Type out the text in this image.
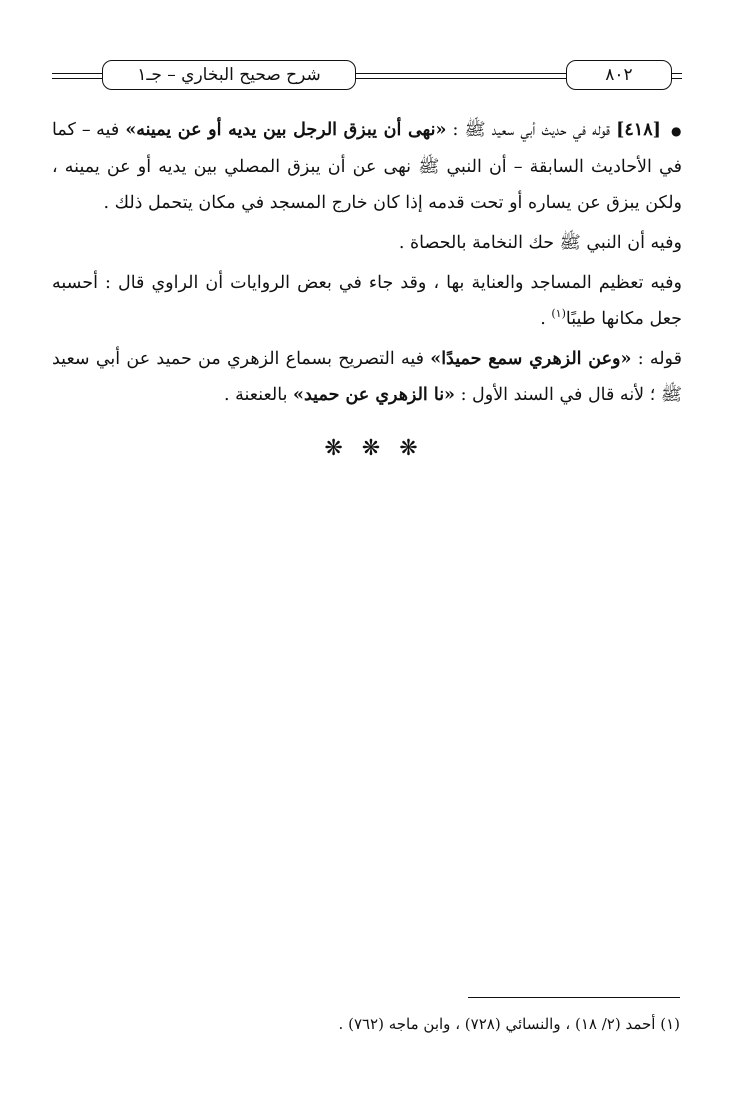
شرح صحيح البخاري – جـ١	٨٠٢

● [٤١٨] قوله في حديث أبي سعيد ﷺ : «نهى أن يبزق الرجل بين يديه أو عن يمينه» فيه – كما في الأحاديث السابقة – أن النبي ﷺ نهى عن أن يبزق المصلي بين يديه أو عن يمينه ، ولكن يبزق عن يساره أو تحت قدمه إذا كان خارج المسجد في مكان يتحمل ذلك .

وفيه أن النبي ﷺ حك النخامة بالحصاة .

وفيه تعظيم المساجد والعناية بها ، وقد جاء في بعض الروايات أن الراوي قال : أحسبه جعل مكانها طيبًا$^{(١)}$ .

قوله : «وعن الزهري سمع حميدًا» فيه التصريح بسماع الزهري من حميد عن أبي سعيد ﷺ ؛ لأنه قال في السند الأول : «نا الزهري عن حميد» بالعنعنة .

❋ ❋ ❋
(١) أحمد (٢/ ١٨) ، والنسائي (٧٢٨) ، وابن ماجه (٧٦٢) .
